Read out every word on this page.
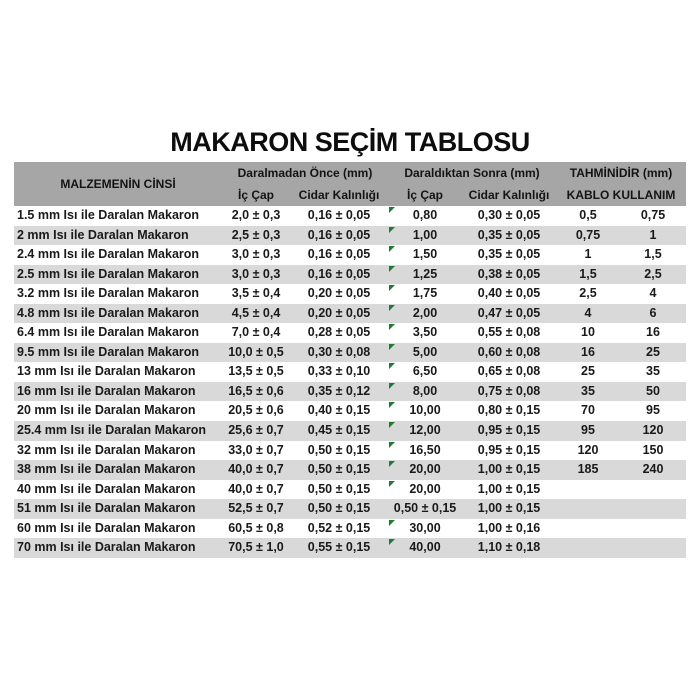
MAKARON SEÇİM TABLOSU
MALZEMENİN CİNSİ	Daralmadan Önce (mm)		Daraldıktan Sonra (mm)		TAHMİNİDİR (mm)	
	İç Çap	Cidar Kalınlığı	İç Çap	Cidar Kalınlığı	KABLO KULLANIM	
1.5 mm Isı ile Daralan Makaron	2,0 ± 0,3	0,16 ± 0,05	0,80	0,30 ± 0,05	0,5	0,75
2 mm Isı ile Daralan Makaron	2,5 ± 0,3	0,16 ± 0,05	1,00	0,35 ± 0,05	0,75	1
2.4 mm Isı ile Daralan Makaron	3,0 ± 0,3	0,16 ± 0,05	1,50	0,35 ± 0,05	1	1,5
2.5 mm Isı ile Daralan Makaron	3,0 ± 0,3	0,16 ± 0,05	1,25	0,38 ± 0,05	1,5	2,5
3.2 mm Isı ile Daralan Makaron	3,5 ± 0,4	0,20 ± 0,05	1,75	0,40 ± 0,05	2,5	4
4.8 mm Isı ile Daralan Makaron	4,5 ± 0,4	0,20 ± 0,05	2,00	0,47 ± 0,05	4	6
6.4 mm Isı ile Daralan Makaron	7,0 ± 0,4	0,28 ± 0,05	3,50	0,55 ± 0,08	10	16
9.5 mm Isı ile Daralan Makaron	10,0 ± 0,5	0,30 ± 0,08	5,00	0,60 ± 0,08	16	25
13 mm Isı ile Daralan Makaron	13,5 ± 0,5	0,33 ± 0,10	6,50	0,65 ± 0,08	25	35
16 mm Isı ile Daralan Makaron	16,5 ± 0,6	0,35 ± 0,12	8,00	0,75 ± 0,08	35	50
20 mm Isı ile Daralan Makaron	20,5 ± 0,6	0,40 ± 0,15	10,00	0,80 ± 0,15	70	95
25.4 mm Isı ile Daralan Makaron	25,6 ± 0,7	0,45 ± 0,15	12,00	0,95 ± 0,15	95	120
32 mm Isı ile Daralan Makaron	33,0 ± 0,7	0,50 ± 0,15	16,50	0,95 ± 0,15	120	150
38 mm Isı ile Daralan Makaron	40,0 ± 0,7	0,50 ± 0,15	20,00	1,00 ± 0,15	185	240
40 mm Isı ile Daralan Makaron	40,0 ± 0,7	0,50 ± 0,15	20,00	1,00 ± 0,15		
51 mm Isı ile Daralan Makaron	52,5 ± 0,7	0,50 ± 0,15	0,50 ± 0,15	1,00 ± 0,15		
60 mm Isı ile Daralan Makaron	60,5 ± 0,8	0,52 ± 0,15	30,00	1,00 ± 0,16		
70 mm Isı ile Daralan Makaron	70,5 ± 1,0	0,55 ± 0,15	40,00	1,10 ± 0,18		
